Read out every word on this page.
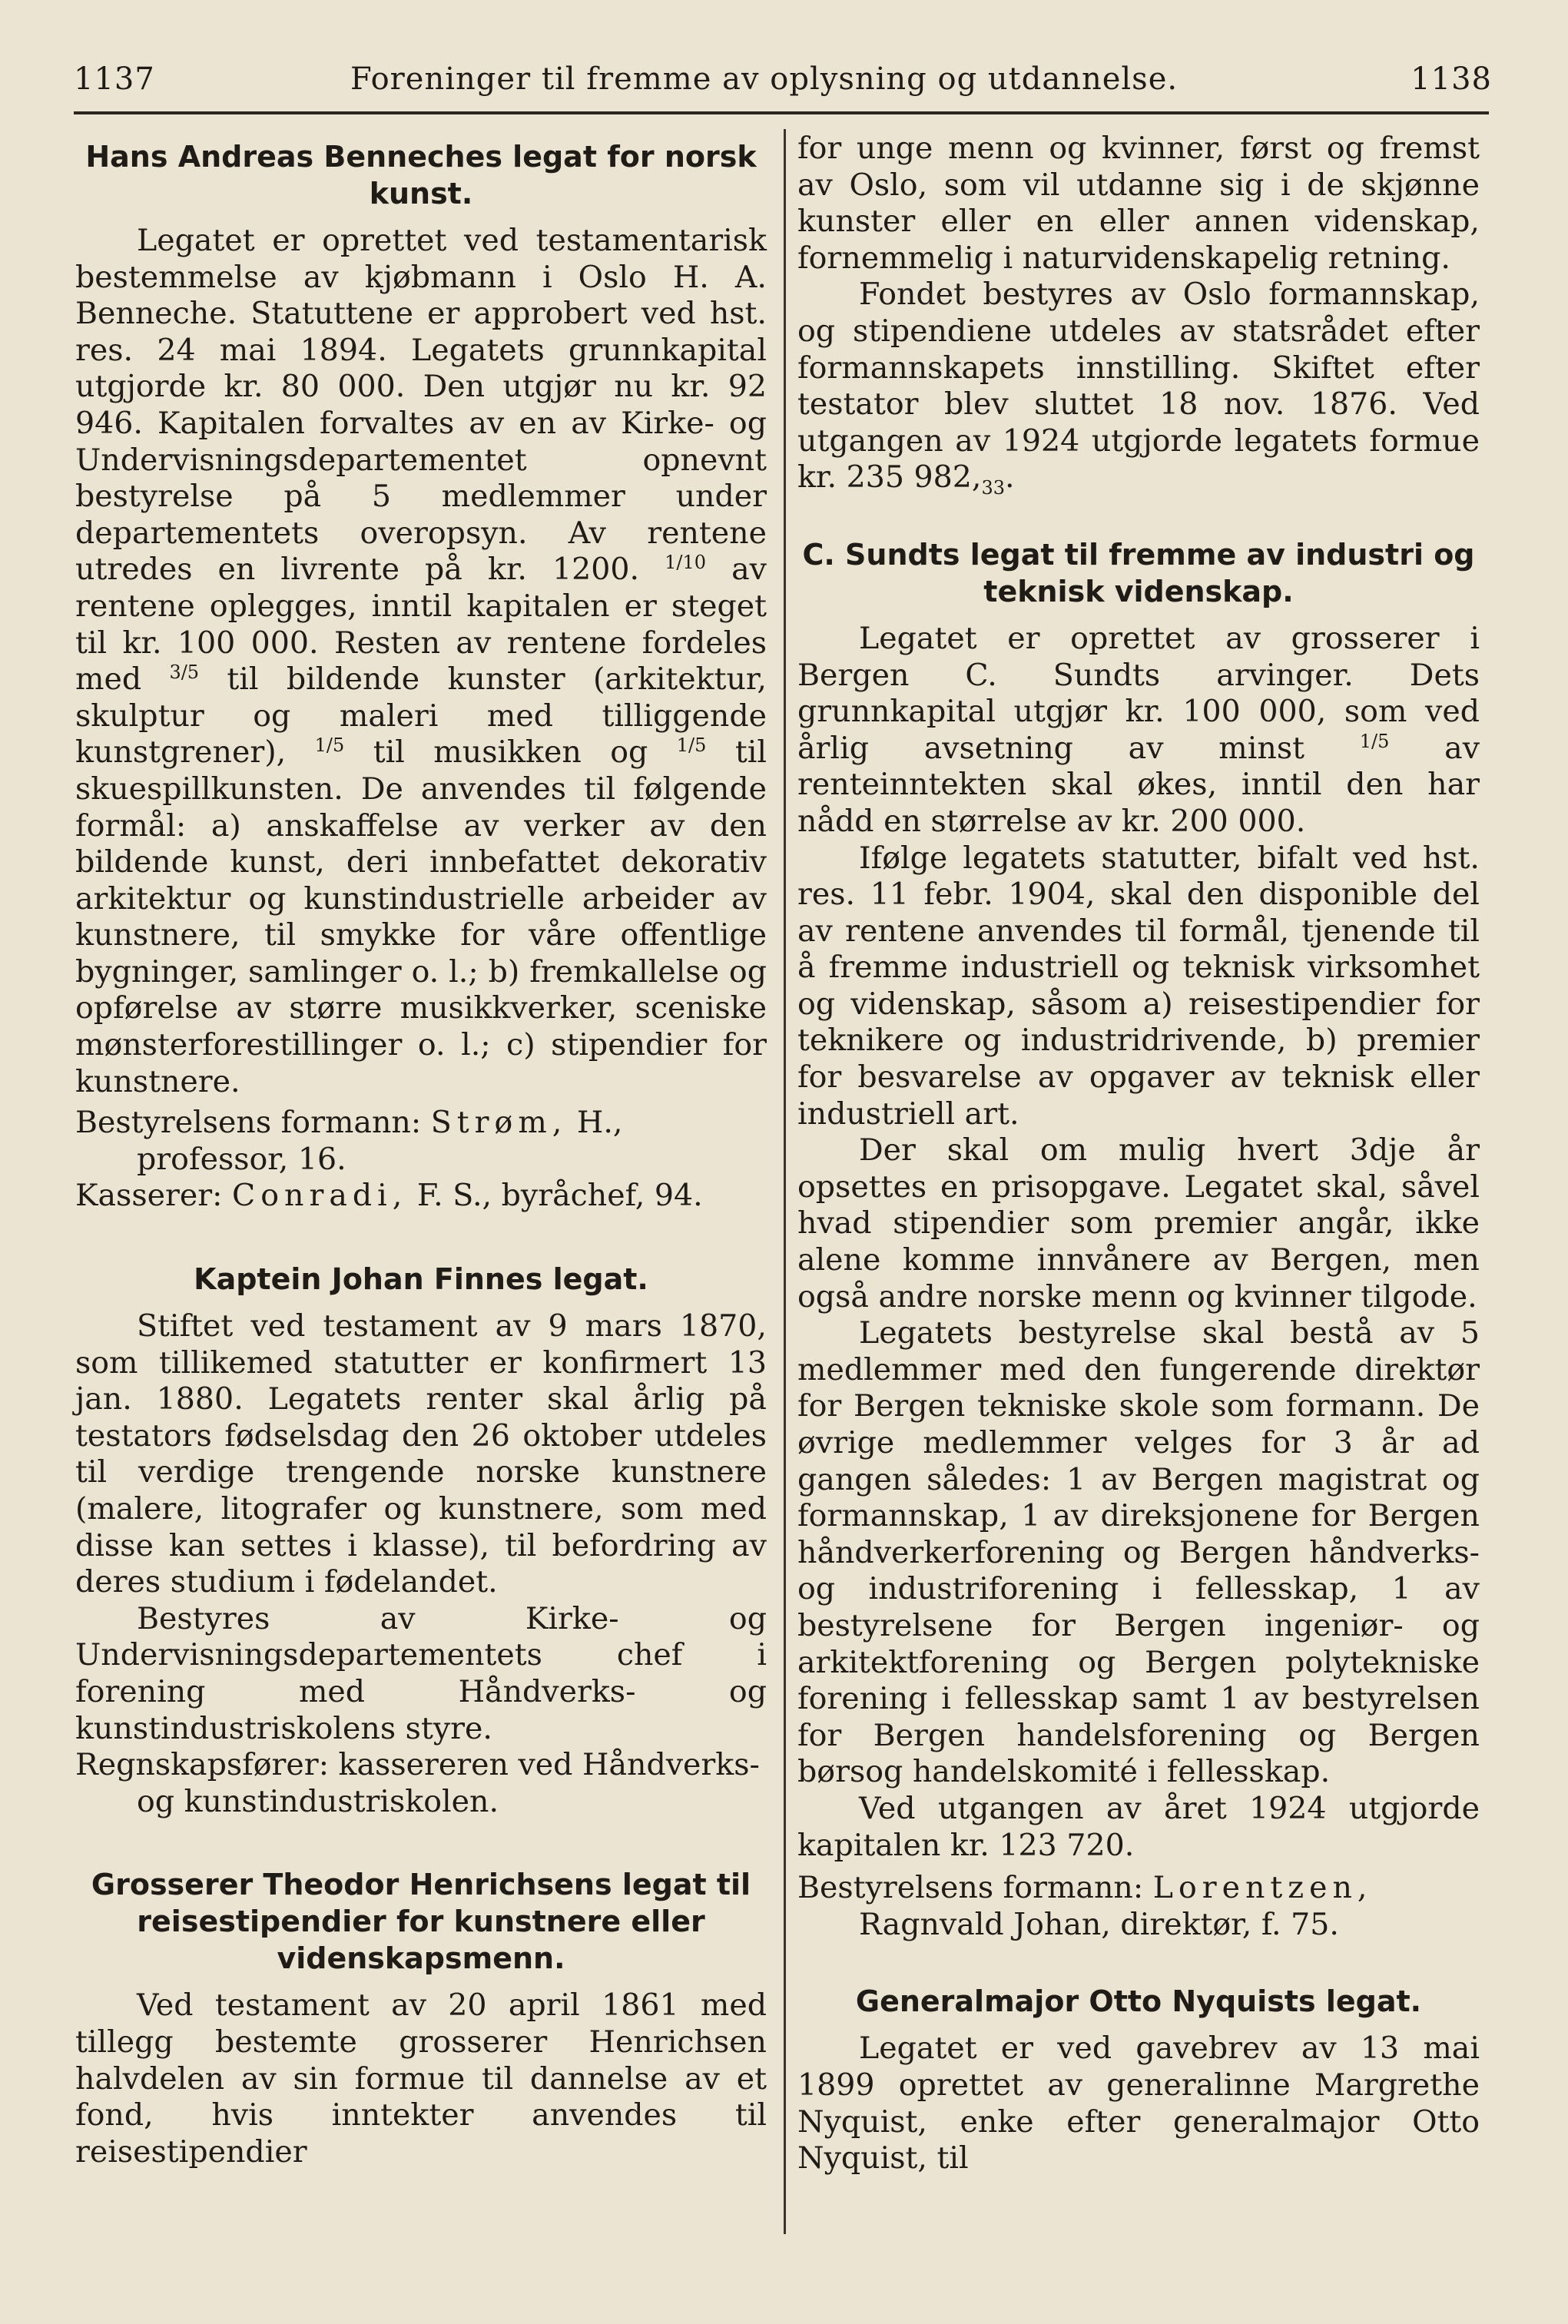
1137	Foreninger til fremme av oplysning og utdannelse.	1138
Hans Andreas Benneches legat for norsk kunst.

Legatet er oprettet ved testamentarisk bestemmelse av kjøbmann i Oslo H. A. Benneche. Statuttene er approbert ved hst. res. 24 mai 1894. Legatets grunnkapital utgjorde kr. 80 000. Den utgjør nu kr. 92 946. Kapitalen forvaltes av en av Kirke- og Undervisningsdepartementet opnevnt bestyrelse på 5 medlemmer under departementets overopsyn. Av rentene utredes en livrente på kr. 1200. $^{1/10}$ av rentene oplegges, inntil kapitalen er steget til kr. 100 000. Resten av rentene fordeles med $^{3/5}$ til bildende kunster (arkitektur, skulptur og maleri med tilliggende kunstgrener), $^{1/5}$ til musikken og $^{1/5}$ til skuespillkunsten. De anvendes til følgende formål: a) anskaffelse av verker av den bildende kunst, deri innbefattet dekorativ arkitektur og kunstindustrielle arbeider av kunstnere, til smykke for våre offentlige bygninger, samlinger o. l.; b) fremkallelse og opførelse av større musikkverker, sceniske mønsterforestillinger o. l.; c) stipendier for kunstnere.

Bestyrelsens formann: Strøm, H., professor, 16.

Kasserer: Conradi, F. S., byråchef, 94.

Kaptein Johan Finnes legat.

Stiftet ved testament av 9 mars 1870, som tillikemed statutter er konfirmert 13 jan. 1880. Legatets renter skal årlig på testators fødselsdag den 26 oktober utdeles til verdige trengende norske kunstnere (malere, litografer og kunstnere, som med disse kan settes i klasse), til befordring av deres studium i fødelandet.

Bestyres av Kirke- og Undervisningsdepartementets chef i forening med Håndverks- og kunstindustriskolens styre.

Regnskapsfører: kassereren ved Håndverks- og kunstindustriskolen.

Grosserer Theodor Henrichsens legat til reisestipendier for kunstnere eller videnskapsmenn.

Ved testament av 20 april 1861 med tillegg bestemte grosserer Henrichsen halvdelen av sin formue til dannelse av et fond, hvis inntekter anvendes til reisestipendier

for unge menn og kvinner, først og fremst av Oslo, som vil utdanne sig i de skjønne kunster eller en eller annen videnskap, fornemmelig i naturvidenskapelig retning.

Fondet bestyres av Oslo formannskap, og stipendiene utdeles av statsrådet efter formannskapets innstilling. Skiftet efter testator blev sluttet 18 nov. 1876. Ved utgangen av 1924 utgjorde legatets formue kr. 235 $982,_{33}$.

C. Sundts legat til fremme av industri og teknisk videnskap.

Legatet er oprettet av grosserer i Bergen C. Sundts arvinger. Dets grunnkapital utgjør kr. 100 000, som ved årlig avsetning av minst	$^{1/5}$ av renteinntekten skal økes, inntil den har nådd en størrelse av kr. 200 000.

Ifølge legatets statutter, bifalt ved hst. res. 11 febr. 1904, skal den disponible del av rentene anvendes til formål, tjenende til å fremme industriell og teknisk virksomhet og videnskap, såsom a) reisestipendier for teknikere og industridrivende, b) premier for besvarelse av opgaver av teknisk eller industriell art.

Der skal om mulig hvert 3dje år opsettes en prisopgave. Legatet skal, såvel hvad stipendier som premier angår, ikke alene komme innvånere av Bergen, men også andre norske menn og kvinner tilgode.

Legatets bestyrelse skal bestå av 5 medlemmer med den fungerende direktør for Bergen tekniske skole som formann. De øvrige medlemmer velges for 3 år ad gangen således: 1 av Bergen magistrat og formannskap, 1 av direksjonene for Bergen håndverkerforening og Bergen håndverks- og industriforening i fellesskap, 1 av bestyrelsene for Bergen ingeniør- og arkitektforening og Bergen polytekniske forening i fellesskap samt 1 av bestyrelsen for Bergen handelsforening og Bergen børsog handelskomité i fellesskap.

Ved utgangen av året 1924 utgjorde kapitalen kr. 123 720.

Bestyrelsens formann: Lorentzen, Ragnvald Johan, direktør, f. 75.

Generalmajor Otto Nyquists legat.

Legatet er ved gavebrev av 13 mai 1899 oprettet av generalinne Margrethe Nyquist, enke efter generalmajor Otto Nyquist, til
